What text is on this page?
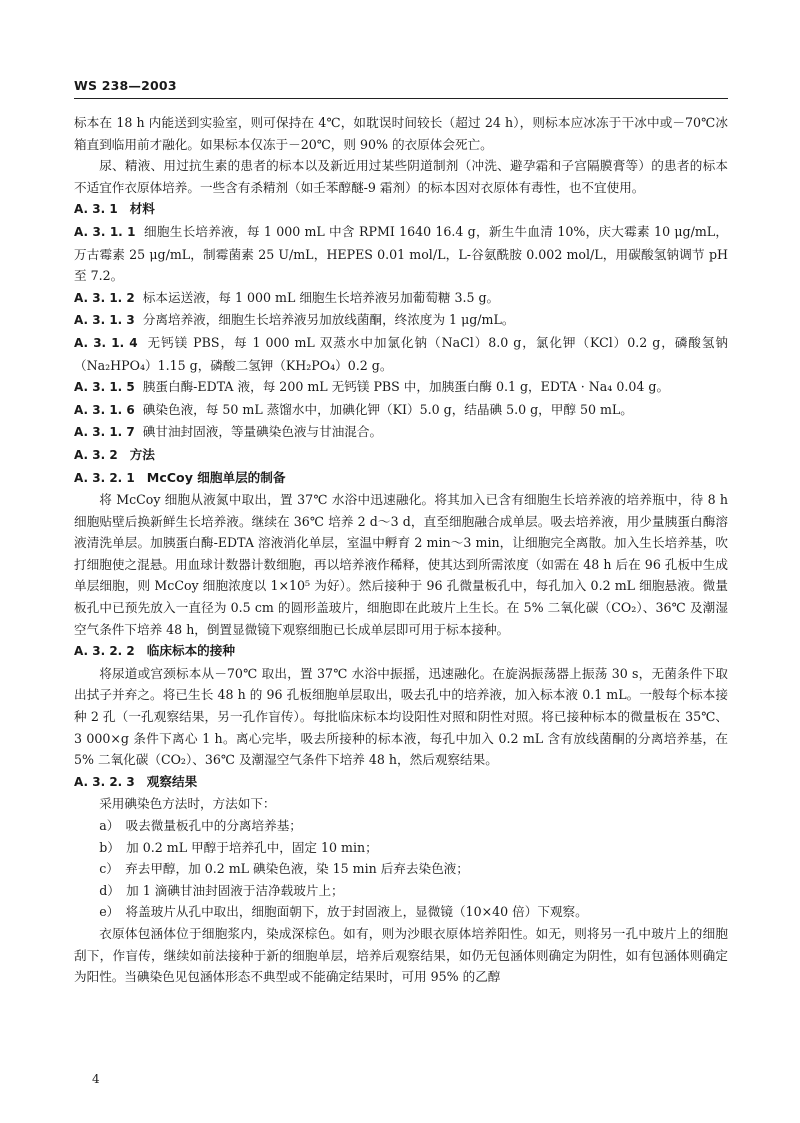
WS 238—2003

标本在 18 h 内能送到实验室，则可保持在 4℃，如耽误时间较长（超过 24 h），则标本应冰冻于干冰中或－70℃冰箱直到临用前才融化。如果标本仅冻于－20℃，则 90% 的衣原体会死亡。

尿、精液、用过抗生素的患者的标本以及新近用过某些阴道制剂（冲洗、避孕霜和子宫隔膜膏等）的患者的标本不适宜作衣原体培养。一些含有杀精剂（如壬苯醇醚-9 霜剂）的标本因对衣原体有毒性，也不宜使用。

A. 3. 1 材料

A. 3. 1. 1 细胞生长培养液，每 1 000 mL 中含 RPMI 1640 16.4 g，新生牛血清 10%，庆大霉素 10 μg/mL，万古霉素 25 μg/mL，制霉菌素 25 U/mL，HEPES 0.01 mol/L，L-谷氨酰胺 0.002 mol/L，用碳酸氢钠调节 pH 至 7.2。

A. 3. 1. 2 标本运送液，每 1 000 mL 细胞生长培养液另加葡萄糖 3.5 g。

A. 3. 1. 3 分离培养液，细胞生长培养液另加放线菌酮，终浓度为 1 μg/mL。

A. 3. 1. 4 无钙镁 PBS，每 1 000 mL 双蒸水中加氯化钠（NaCl）8.0 g，氯化钾（KCl）0.2 g，磷酸氢钠（Na₂HPO₄）1.15 g，磷酸二氢钾（KH₂PO₄）0.2 g。

A. 3. 1. 5 胰蛋白酶-EDTA 液，每 200 mL 无钙镁 PBS 中，加胰蛋白酶 0.1 g，EDTA · Na₄ 0.04 g。

A. 3. 1. 6 碘染色液，每 50 mL 蒸馏水中，加碘化钾（KI）5.0 g，结晶碘 5.0 g，甲醇 50 mL。

A. 3. 1. 7 碘甘油封固液，等量碘染色液与甘油混合。

A. 3. 2 方法

A. 3. 2. 1 McCoy 细胞单层的制备

将 McCoy 细胞从液氮中取出，置 37℃ 水浴中迅速融化。将其加入已含有细胞生长培养液的培养瓶中，待 8 h 细胞贴壁后换新鲜生长培养液。继续在 36℃ 培养 2 d～3 d，直至细胞融合成单层。吸去培养液，用少量胰蛋白酶溶液清洗单层。加胰蛋白酶-EDTA 溶液消化单层，室温中孵育 2 min～3 min，让细胞完全离散。加入生长培养基，吹打细胞使之混悬。用血球计数器计数细胞，再以培养液作稀释，使其达到所需浓度（如需在 48 h 后在 96 孔板中生成单层细胞，则 McCoy 细胞浓度以 1×10⁵ 为好）。然后接种于 96 孔微量板孔中，每孔加入 0.2 mL 细胞悬液。微量板孔中已预先放入一直径为 0.5 cm 的圆形盖玻片，细胞即在此玻片上生长。在 5% 二氧化碳（CO₂）、36℃ 及潮湿空气条件下培养 48 h，倒置显微镜下观察细胞已长成单层即可用于标本接种。

A. 3. 2. 2 临床标本的接种

将尿道或宫颈标本从－70℃ 取出，置 37℃ 水浴中振摇，迅速融化。在旋涡振荡器上振荡 30 s，无菌条件下取出拭子并弃之。将已生长 48 h 的 96 孔板细胞单层取出，吸去孔中的培养液，加入标本液 0.1 mL。一般每个标本接种 2 孔（一孔观察结果，另一孔作盲传）。每批临床标本均设阳性对照和阴性对照。将已接种标本的微量板在 35℃、3 000×g 条件下离心 1 h。离心完毕，吸去所接种的标本液，每孔中加入 0.2 mL 含有放线菌酮的分离培养基，在 5% 二氧化碳（CO₂）、36℃ 及潮湿空气条件下培养 48 h，然后观察结果。

A. 3. 2. 3 观察结果

采用碘染色方法时，方法如下：

a）　吸去微量板孔中的分离培养基；

b）　加 0.2 mL 甲醇于培养孔中，固定 10 min；

c）　弃去甲醇，加 0.2 mL 碘染色液，染 15 min 后弃去染色液；

d）　加 1 滴碘甘油封固液于洁净载玻片上；

e）　将盖玻片从孔中取出，细胞面朝下，放于封固液上，显微镜（10×40 倍）下观察。

衣原体包涵体位于细胞浆内，染成深棕色。如有，则为沙眼衣原体培养阳性。如无，则将另一孔中玻片上的细胞刮下，作盲传，继续如前法接种于新的细胞单层，培养后观察结果，如仍无包涵体则确定为阴性，如有包涵体则确定为阳性。当碘染色见包涵体形态不典型或不能确定结果时，可用 95% 的乙醇

4
